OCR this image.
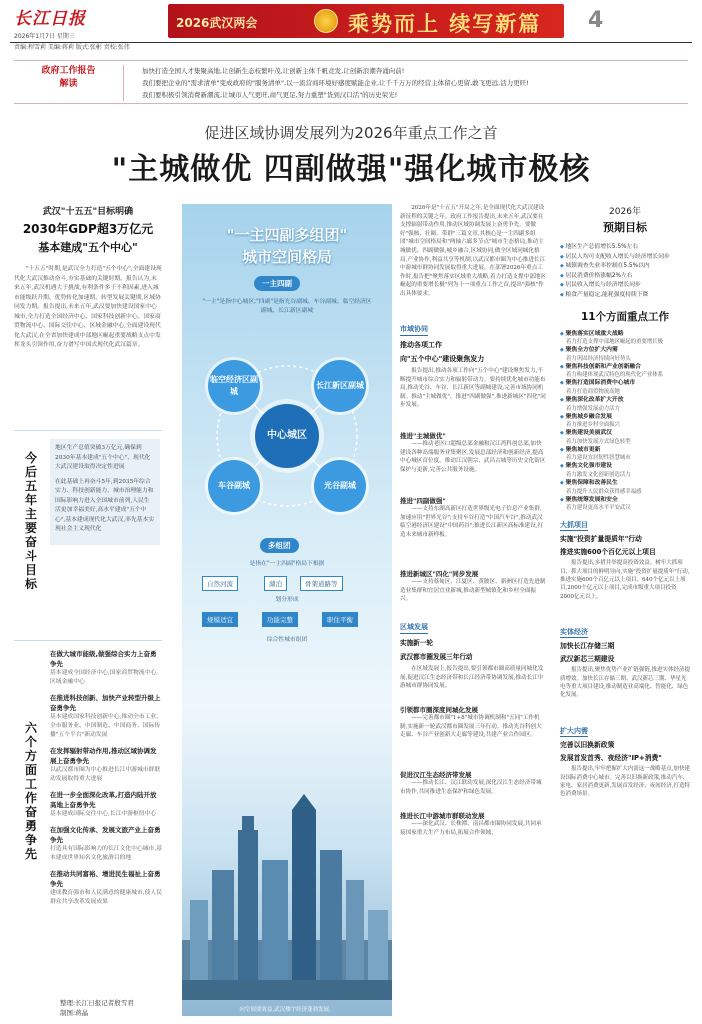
长江日报
2026年1月7日 星期三
责编:程雪莉 美编:蒋莉 版式:张彬 责校:张伟
2026武汉两会	乘势而上 续写新篇 4
政府工作报告
解读
加快打造全国人才集聚高地,让创新生态枝繁叶茂,让创新主体千帆竞发,让创新浪潮奔涌向前!
我们要把企业的"需求清单"变成政府的"服务清单",以一流营商环境好感度赋能企业,让千千万万的经营主体留心更留,敢飞更远,活力更旺!
我们要积极引领消费新潮流,让城市人气更旺,商气更足,努力重塑"货到汉口活"的历史荣光!
促进区域协调发展列为2026年重点工作之首
"主城做优 四副做强"强化城市极核
武汉"十五五"目标明确
2030年GDP超3万亿元
基本建成"五个中心"

"十五五"时期,是武汉全力打造"五个中心",全面建设现代化大武汉推动奋斗,夯实基础的关键时期。报告认为,未来五年,武汉机遇大于挑战,有利条件多于不利因素,进入城市能级跃升期、优势转化加速期、转型发展关键期,区域协同发力期。报告提出,未来五年,武汉要加快建设国家中心城市,全力打造全国经济中心、国家科技创新中心、国家商贸物流中心、国际交往中心、区域金融中心,全面建设现代化大武汉,在全省加快建成中部地区崛起重要战略支点中发挥龙头引领作用,奋力谱写中国式现代化武汉篇章。

今后五年主要奋斗目标

地区生产总值突破3万亿元,确保到2030年基本建成"五个中心"、现代化大武汉建设取得决定性进展

在此基础上再奋斗5年,到2035年综合实力、科技创新能力、城市治理能力和国际影响力进入全国城市前列,人民生活更加幸福美好,高水平建成"五个中心",基本建成现代化大武汉,率先基本实现社会主义现代化

六个方面工作奋勇争先
在做大城市能级,做强综合实力上奋勇争先
基本建成全国经济中心,国家商贸物流中心,区域金融中心
在推进科技创新、加快产业转型升级上奋勇争先
基本建成国家科技创新中心,推动全市工业、全市服务业、中国制造、中国商务、国际传播"五个平台"新动发展
在发挥辐射带动作用,推动区域协调发展上奋勇争先
以武汉都市圈为中心推进长江中游城市群联动发展取得重大进展
在进一步全面深化改革,打造内陆开放高地上奋勇争先
基本建成国际交往中心,长江中游枢纽中心
在加强文化传承、发展文旅产业上奋勇争先
打造具有国际影响力的长江文化中心城市,基本建成世界知名文化旅游目的地
在推动共同富裕、增进民生福祉上奋勇争先
建成教育强市和人民满意的健康城市,使人民群众共享改革发展成果
整理:长江日报记者殷雪君
制图:蒋晶
"一主四副多组团"
城市空间格局
一主四副
"一主"是指中心城区;"四副"是指光谷副城、车谷副城、临空经济区副城、长江新区副城
临空经济区副城
长江新区副城
车谷副城	光谷副城
中心城区
多组团
是指在"一主四副"格局下根据
自然河流	湖泊	骨架道路等
划分形成
规模适宜	功能完整	职住平衡
综合性城市组团
向空间要效益,武汉楼宇经济蓬勃发展。

2026年是"十五五"开局之年,是全面现代化大武汉建设新征程的关键之年。政府工作报告提出,未来五年,武汉要在支撑辐射带动作用,推动区域协调发展上奋勇争先。要做好"强核、壮圈、带群"三篇文章,其核心是一主四副多组团"城市空间格局和"两轴六廊多节点"城市生态格局,推动主城做优、四副做强,城乡融合,区域协同,做全区域同城化格局,产业协作,利益共享等机制,以武汉都市圈为中心推进长江中游城市群协同发展取得重大进展。在部署2026年重点工作时,报告把"聚焦落实区域重大战略,着力打造支撑中部地区崛起的重要增长极"列为十一项重点工作之首,提出"强核"作出具体要求。

市域协同
推动各项工作
向"五个中心"建设聚焦发力

报告提出,推动各项工作向"五个中心"建设聚焦发力,不断提升城市综合实力和辐射带动力。要持续优化城市功能布局,推动光谷、车谷、长江新区等副城建设,完善市域协同机制。推动"主城做优"、推进"四副做强",推进新城区"四化"同步发展。

推进"主城做优"

——推动老区口超级总部金融和汉江湾科创总部,加快建设各种高端服务业集聚区,发展总部经济和创新经济,提高中心城区首位度。推动江汉朝宗、武昌古城等历史文化街区保护与更新,完善公共服务设施。

推进"四副做强"

——支持东湖高新区打造世界级光电子信息产业集群,加速应用"世界光谷";支持车谷打造"中国汽车谷",推动武汉临空港经济区建设"中国药谷";推进长江新区高标准建设,打造未来城市新样板。

推进新城区"四化"同步发展

——支持蔡甸区、江夏区、黄陂区、新洲区打造先进制造业集群和宜居宜业新城,推动新型城镇化和乡村全面振兴。

区域发展
实施新一轮
武汉都市圈发展三年行动

在区域发展上,报告提出,要引领都市圈高质量同城化发展,促进汉江生态经济带和长江经济带协调发展,推动长江中游城市群协同发展。

引领都市圈深度同城化发展

——完善都市圈"1+8"城市协调机制和"五同"工作机制,实施新一轮武汉都市圈发展三年行动。推动光谷科创大走廊、车谷产业创新大走廊等建设,共建产业合作园区。

促进汉江生态经济带发展

——推动长江、汉江联动发展,深化汉江生态经济带城市协作,共同推进生态保护和绿色发展。

推进长江中游城市群联动发展

——深化武汉、长株潭、南昌都市圈协同发展,共同承接国家重大生产力布局,拓展合作领域。

2026年
预期目标
◆ 地区生产总值增长5.5%左右
◆ 居民人均可支配收入增长与经济增长同步
◆ 城镇调查失业率控制在5.5%以内
◆ 居民消费价格涨幅2%左右
◆ 居民收入增长与经济增长同步
◆ 粮食产量稳定,能耗强度持续下降
11个方面重点工作
◆ 聚焦落实区域重大战略
着力打造支撑中部地区崛起的重要增长极
◆ 聚焦全方位扩大内需
着力巩固经济持续向好势头
◆ 聚焦科技创新和产业创新融合
着力构建体现武汉特色的现代化产业体系
◆ 聚焦打造国际消费中心城市
着力打造商贸物流高地
◆ 聚焦深化改革扩大开放
着力增强发展动力活力
◆ 聚焦城乡融合发展
着力推进乡村全面振兴
◆ 聚焦建设美丽武汉
着力加快发展方式绿色转型
◆ 聚焦城市更新
着力建设宜居韧性智慧城市
◆ 聚焦文化强市建设
着力激发文化创新创造活力
◆ 聚焦保障和改善民生
着力提升人民群众获得感幸福感
◆ 聚焦统筹发展和安全
着力建设更高水平平安武汉
大抓项目
实施"投资扩量提质年"行动
推进实施600个百亿元以上项目

报告提出,多措并举提高投资效益。树牢大抓项目、抓大项目的鲜明导向,实施"投资扩量提质年"行动,推进实施600个百亿元以上项目、640个亿元以上项目,2000个亿元以上项目,完成市级重大项目投资2000亿元以上。

实体经济
加快长江存储三期
武汉新芯三期建设

报告提出,聚焦优势产业扩链强链,推进实体经济提质增效。加快长江存储三期、武汉新芯三期、华星光电等重大项目建设,推动制造业高端化、智能化、绿色化发展。

扩大内需
完善以旧换新政策
发展首发首秀、夜经济"IP+消费"

报告提出,牢牢把握扩大内需这一战略基点,加快建设国际消费中心城市。完善以旧换新政策,推动汽车、家电、家居消费更新,发展首发经济、夜间经济,打造特色消费场景。
